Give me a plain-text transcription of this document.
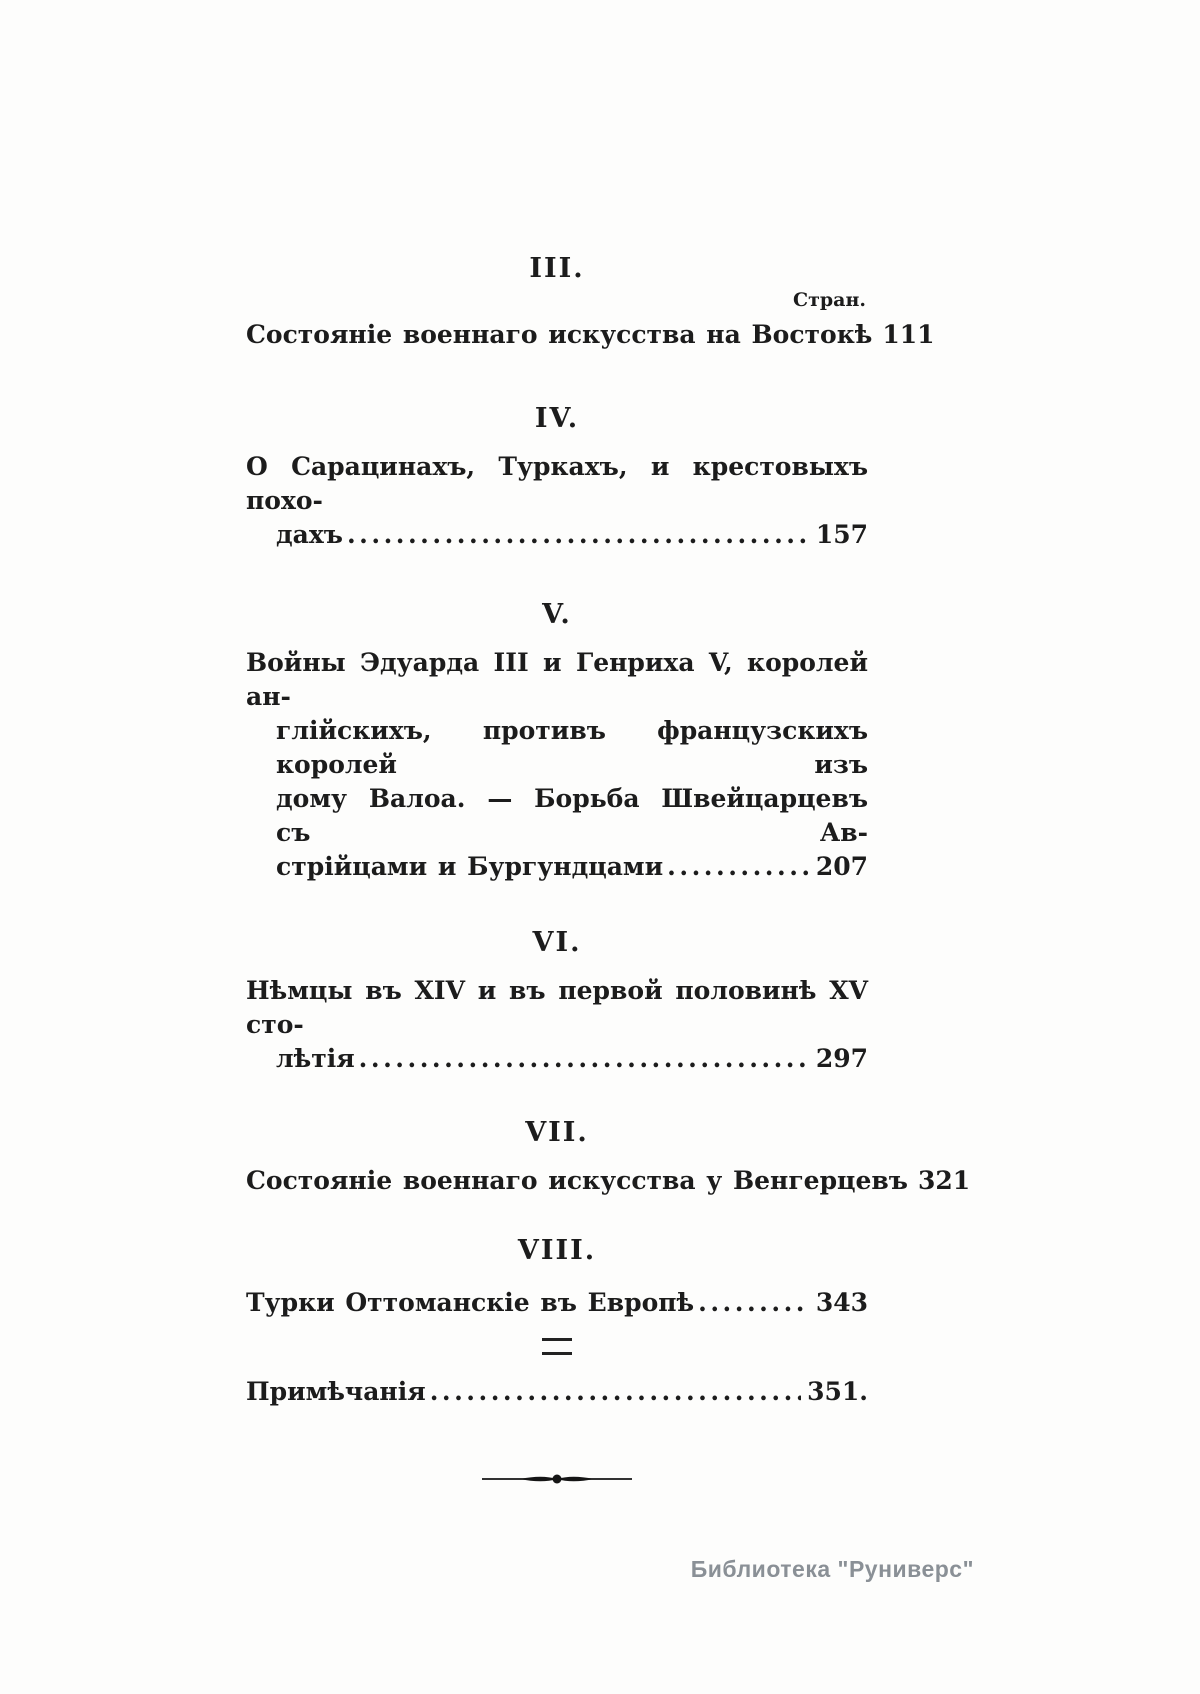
III.
Стран.
Состояніе военнаго искусства на Востокѣ 111
IV.
О Сарацинахъ, Туркахъ, и крестовыхъ похо-
дахъ .....	157
V.
Войны Эдуарда III и Генриха V, королей ан-
глійскихъ, противъ французскихъ королей изъ
дому Валоа. — Борьба Швейцарцевъ съ Ав-
стрійцами и Бургундцами .....	207
VI.
Нѣмцы въ XIV и въ первой половинѣ XV сто-
лѣтія .....	297
VII.
Состояніе военнаго искусства у Венгерцевъ 321
VIII.
Турки Оттоманскіе въ Европѣ .....	343
Примѣчанія .....	351.
Библиотека "Руниверс"
